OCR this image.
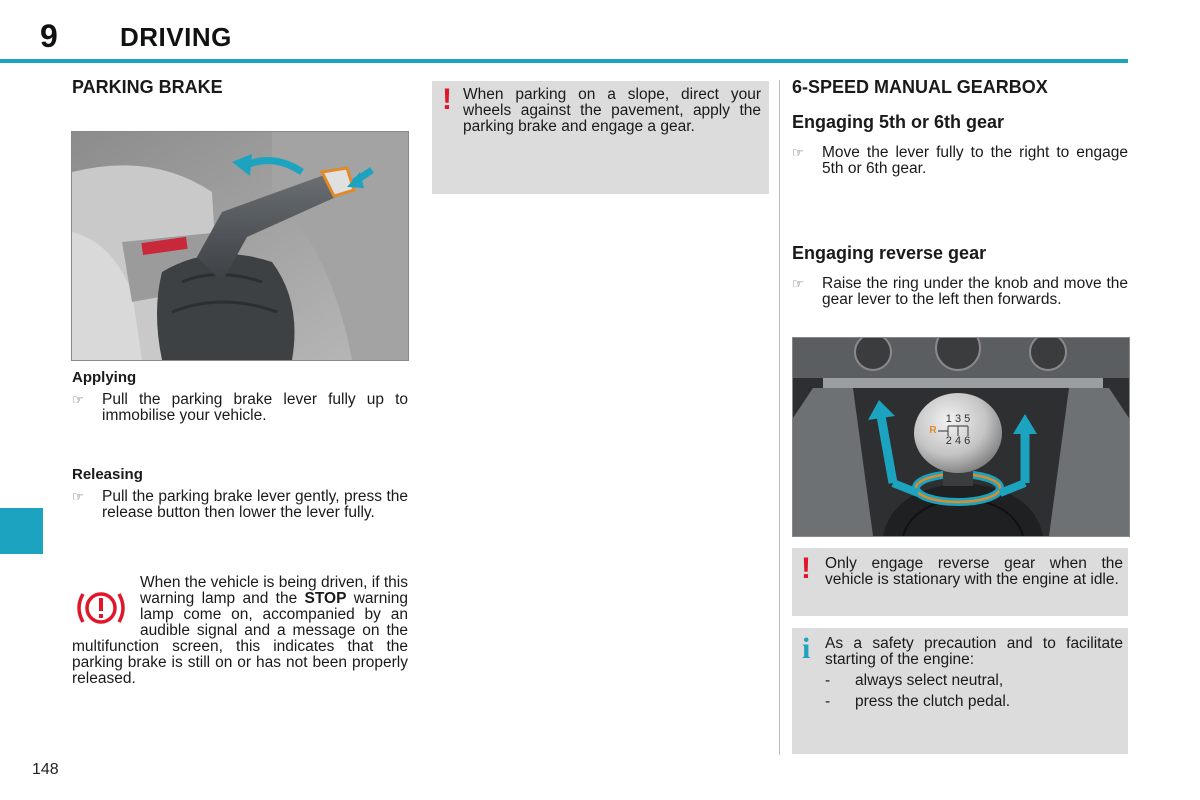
9 DRIVING
PARKING BRAKE
Applying
☞	Pull the parking brake lever fully up to immobilise your vehicle.
Releasing
☞	Pull the parking brake lever gently, press the release button then lower the lever fully.
When the vehicle is being driven, if this warning lamp and the STOP warning lamp come on, accompanied by an audible signal and a message on the multifunction screen, this indicates that the parking brake is still on or has not been properly released.
! When parking on a slope, direct your wheels against the pavement, apply the parking brake and engage a gear.
6-SPEED MANUAL GEARBOX
Engaging 5th or 6th gear
☞	Move the lever fully to the right to engage 5th or 6th gear.
Engaging reverse gear
☞	Raise the ring under the knob and move the gear lever to the left then forwards.
1 3 5
2 4 6
R
! Only engage reverse gear when the vehicle is stationary with the engine at idle.
i As a safety precaution and to facilitate starting of the engine:
-	always select neutral,
-	press the clutch pedal.
148
